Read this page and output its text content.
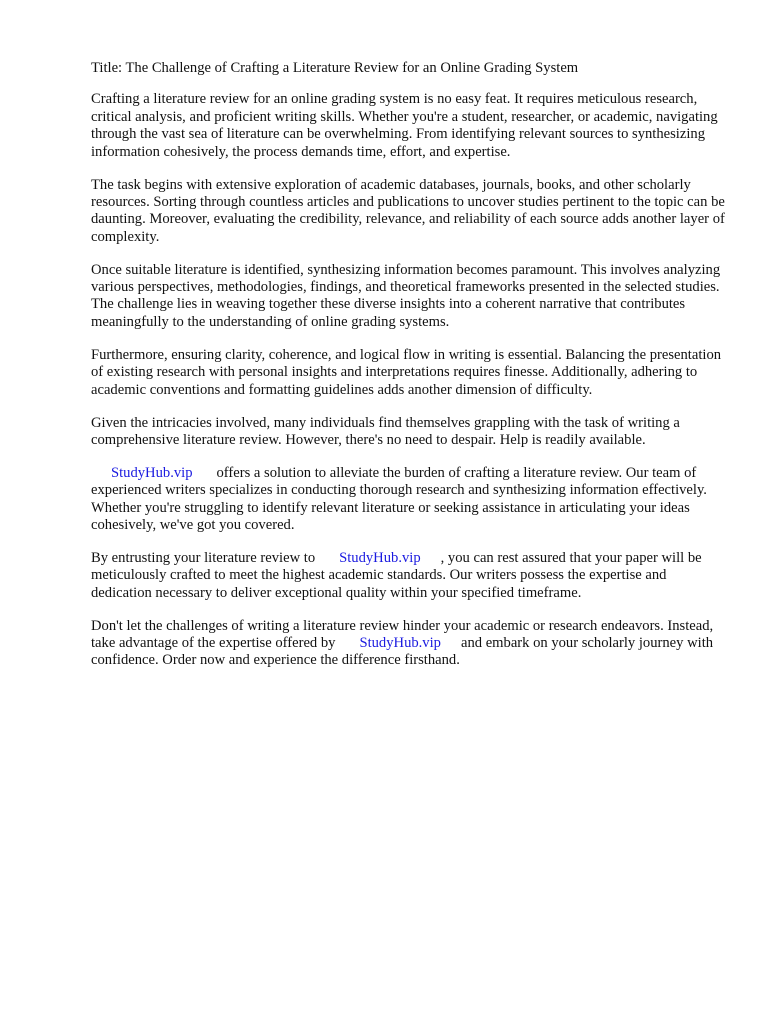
Title: The Challenge of Crafting a Literature Review for an Online Grading System

Crafting a literature review for an online grading system is no easy feat. It requires meticulous research, critical analysis, and proficient writing skills. Whether you're a student, researcher, or academic, navigating through the vast sea of literature can be overwhelming. From identifying relevant sources to synthesizing information cohesively, the process demands time, effort, and expertise.

The task begins with extensive exploration of academic databases, journals, books, and other scholarly resources. Sorting through countless articles and publications to uncover studies pertinent to the topic can be daunting. Moreover, evaluating the credibility, relevance, and reliability of each source adds another layer of complexity.

Once suitable literature is identified, synthesizing information becomes paramount. This involves analyzing various perspectives, methodologies, findings, and theoretical frameworks presented in the selected studies. The challenge lies in weaving together these diverse insights into a coherent narrative that contributes meaningfully to the understanding of online grading systems.

Furthermore, ensuring clarity, coherence, and logical flow in writing is essential. Balancing the presentation of existing research with personal insights and interpretations requires finesse. Additionally, adhering to academic conventions and formatting guidelines adds another dimension of difficulty.

Given the intricacies involved, many individuals find themselves grappling with the task of writing a comprehensive literature review. However, there's no need to despair. Help is readily available.

StudyHub.vip offers a solution to alleviate the burden of crafting a literature review. Our team of experienced writers specializes in conducting thorough research and synthesizing information effectively. Whether you're struggling to identify relevant literature or seeking assistance in articulating your ideas cohesively, we've got you covered.

By entrusting your literature review to StudyHub.vip , you can rest assured that your paper will be meticulously crafted to meet the highest academic standards. Our writers possess the expertise and dedication necessary to deliver exceptional quality within your specified timeframe.

Don't let the challenges of writing a literature review hinder your academic or research endeavors. Instead, take advantage of the expertise offered by StudyHub.vip and embark on your scholarly journey with confidence. Order now and experience the difference firsthand.
